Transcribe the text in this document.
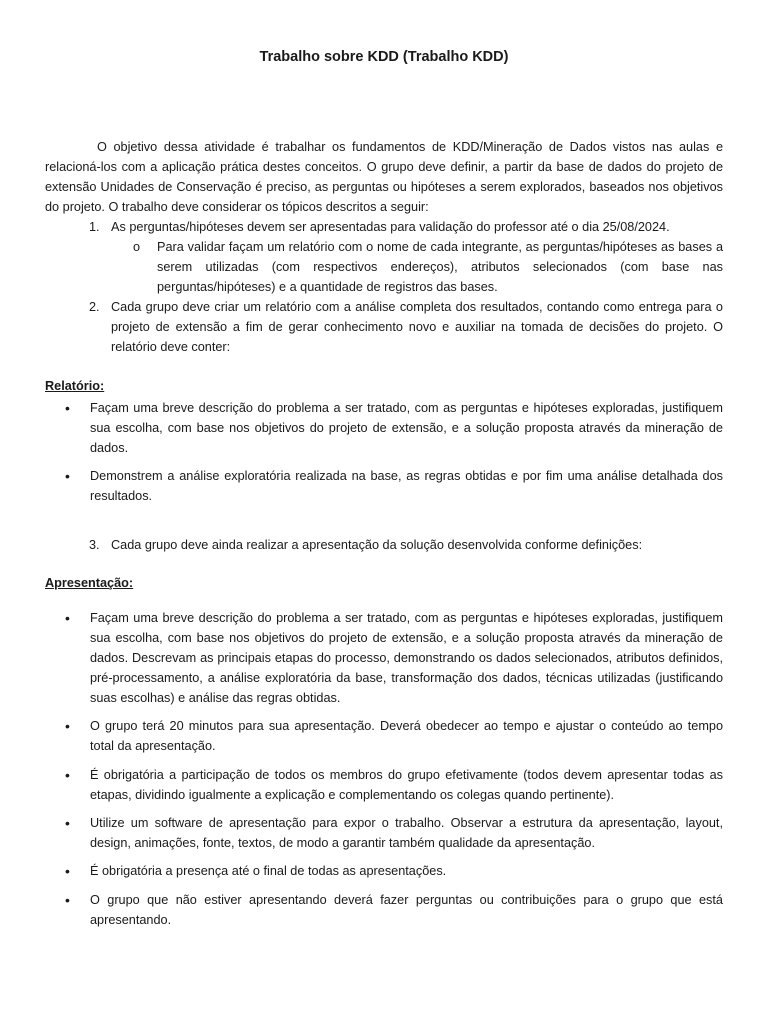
Trabalho sobre KDD (Trabalho KDD)

O objetivo dessa atividade é trabalhar os fundamentos de KDD/Mineração de Dados vistos nas aulas e relacioná-los com a aplicação prática destes conceitos. O grupo deve definir, a partir da base de dados do projeto de extensão Unidades de Conservação é preciso, as perguntas ou hipóteses a serem explorados, baseados nos objetivos do projeto. O trabalho deve considerar os tópicos descritos a seguir:

1. As perguntas/hipóteses devem ser apresentadas para validação do professor até o dia 25/08/2024.
o Para validar façam um relatório com o nome de cada integrante, as perguntas/hipóteses as bases a serem utilizadas (com respectivos endereços), atributos selecionados (com base nas perguntas/hipóteses) e a quantidade de registros das bases.
2. Cada grupo deve criar um relatório com a análise completa dos resultados, contando como entrega para o projeto de extensão a fim de gerar conhecimento novo e auxiliar na tomada de decisões do projeto. O relatório deve conter:
Relatório:
• Façam uma breve descrição do problema a ser tratado, com as perguntas e hipóteses exploradas, justifiquem sua escolha, com base nos objetivos do projeto de extensão, e a solução proposta através da mineração de dados.
• Demonstrem a análise exploratória realizada na base, as regras obtidas e por fim uma análise detalhada dos resultados.
3. Cada grupo deve ainda realizar a apresentação da solução desenvolvida conforme definições:
Apresentação:
• Façam uma breve descrição do problema a ser tratado, com as perguntas e hipóteses exploradas, justifiquem sua escolha, com base nos objetivos do projeto de extensão, e a solução proposta através da mineração de dados. Descrevam as principais etapas do processo, demonstrando os dados selecionados, atributos definidos, pré-processamento, a análise exploratória da base, transformação dos dados, técnicas utilizadas (justificando suas escolhas) e análise das regras obtidas.
• O grupo terá 20 minutos para sua apresentação. Deverá obedecer ao tempo e ajustar o conteúdo ao tempo total da apresentação.
• É obrigatória a participação de todos os membros do grupo efetivamente (todos devem apresentar todas as etapas, dividindo igualmente a explicação e complementando os colegas quando pertinente).
• Utilize um software de apresentação para expor o trabalho. Observar a estrutura da apresentação, layout, design, animações, fonte, textos, de modo a garantir também qualidade da apresentação.
• É obrigatória a presença até o final de todas as apresentações.
• O grupo que não estiver apresentando deverá fazer perguntas ou contribuições para o grupo que está apresentando.
